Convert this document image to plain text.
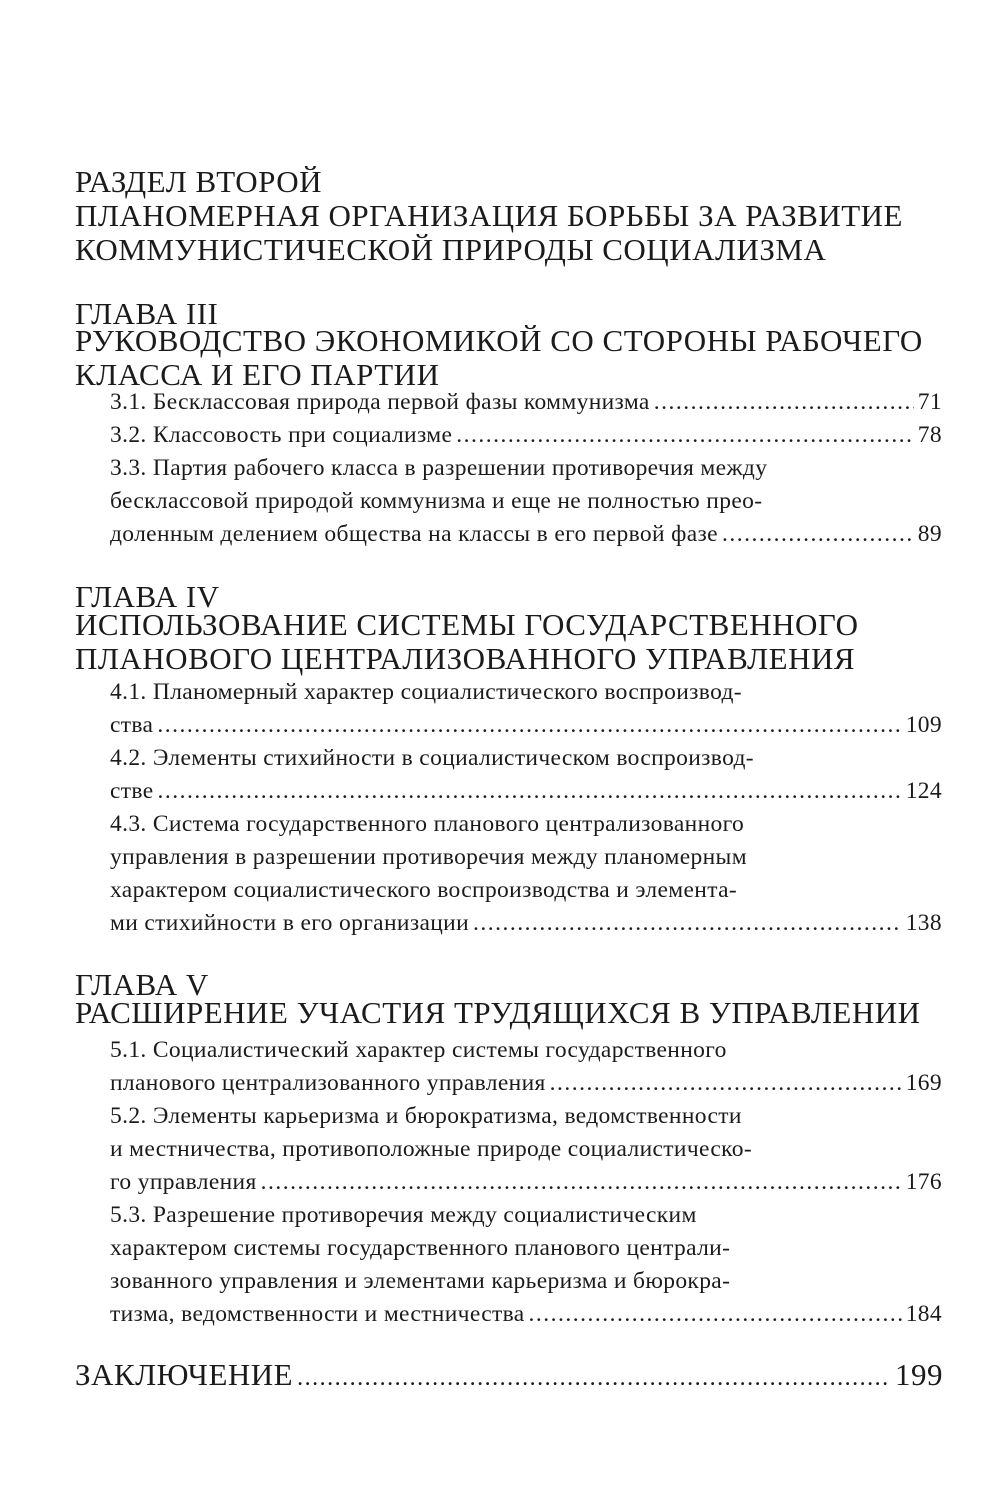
РАЗДЕЛ ВТОРОЙ
ПЛАНОМЕРНАЯ ОРГАНИЗАЦИЯ БОРЬБЫ ЗА РАЗВИТИЕ
КОММУНИСТИЧЕСКОЙ ПРИРОДЫ СОЦИАЛИЗМА
ГЛАВА III
РУКОВОДСТВО ЭКОНОМИКОЙ СО СТОРОНЫ РАБОЧЕГО
КЛАССА И ЕГО ПАРТИИ
3.1. Бесклассовая природа первой фазы коммунизма .....	71
3.2. Классовость при социализме .....	78
3.3. Партия рабочего класса в разрешении противоречия между
бесклассовой природой коммунизма и еще не полностью прео-
доленным делением общества на классы в его первой фазе .....	89
ГЛАВА IV
ИСПОЛЬЗОВАНИЕ СИСТЕМЫ ГОСУДАРСТВЕННОГО
ПЛАНОВОГО ЦЕНТРАЛИЗОВАННОГО УПРАВЛЕНИЯ
4.1. Планомерный характер социалистического воспроизвод-
ства .....	109
4.2. Элементы стихийности в социалистическом воспроизвод-
стве .....	124
4.3. Система государственного планового централизованного
управления в разрешении противоречия между планомерным
характером социалистического воспроизводства и элемента-
ми стихийности в его организации .....	138
ГЛАВА V
РАСШИРЕНИЕ УЧАСТИЯ ТРУДЯЩИХСЯ В УПРАВЛЕНИИ
5.1. Социалистический характер системы государственного
планового централизованного управления .....	169
5.2. Элементы карьеризма и бюрократизма, ведомственности
и местничества, противоположные природе социалистическо-
го управления .....	176
5.3. Разрешение противоречия между социалистическим
характером системы государственного планового централи-
зованного управления и элементами карьеризма и бюрокра-
тизма, ведомственности и местничества .....	184
ЗАКЛЮЧЕНИЕ .....	199
